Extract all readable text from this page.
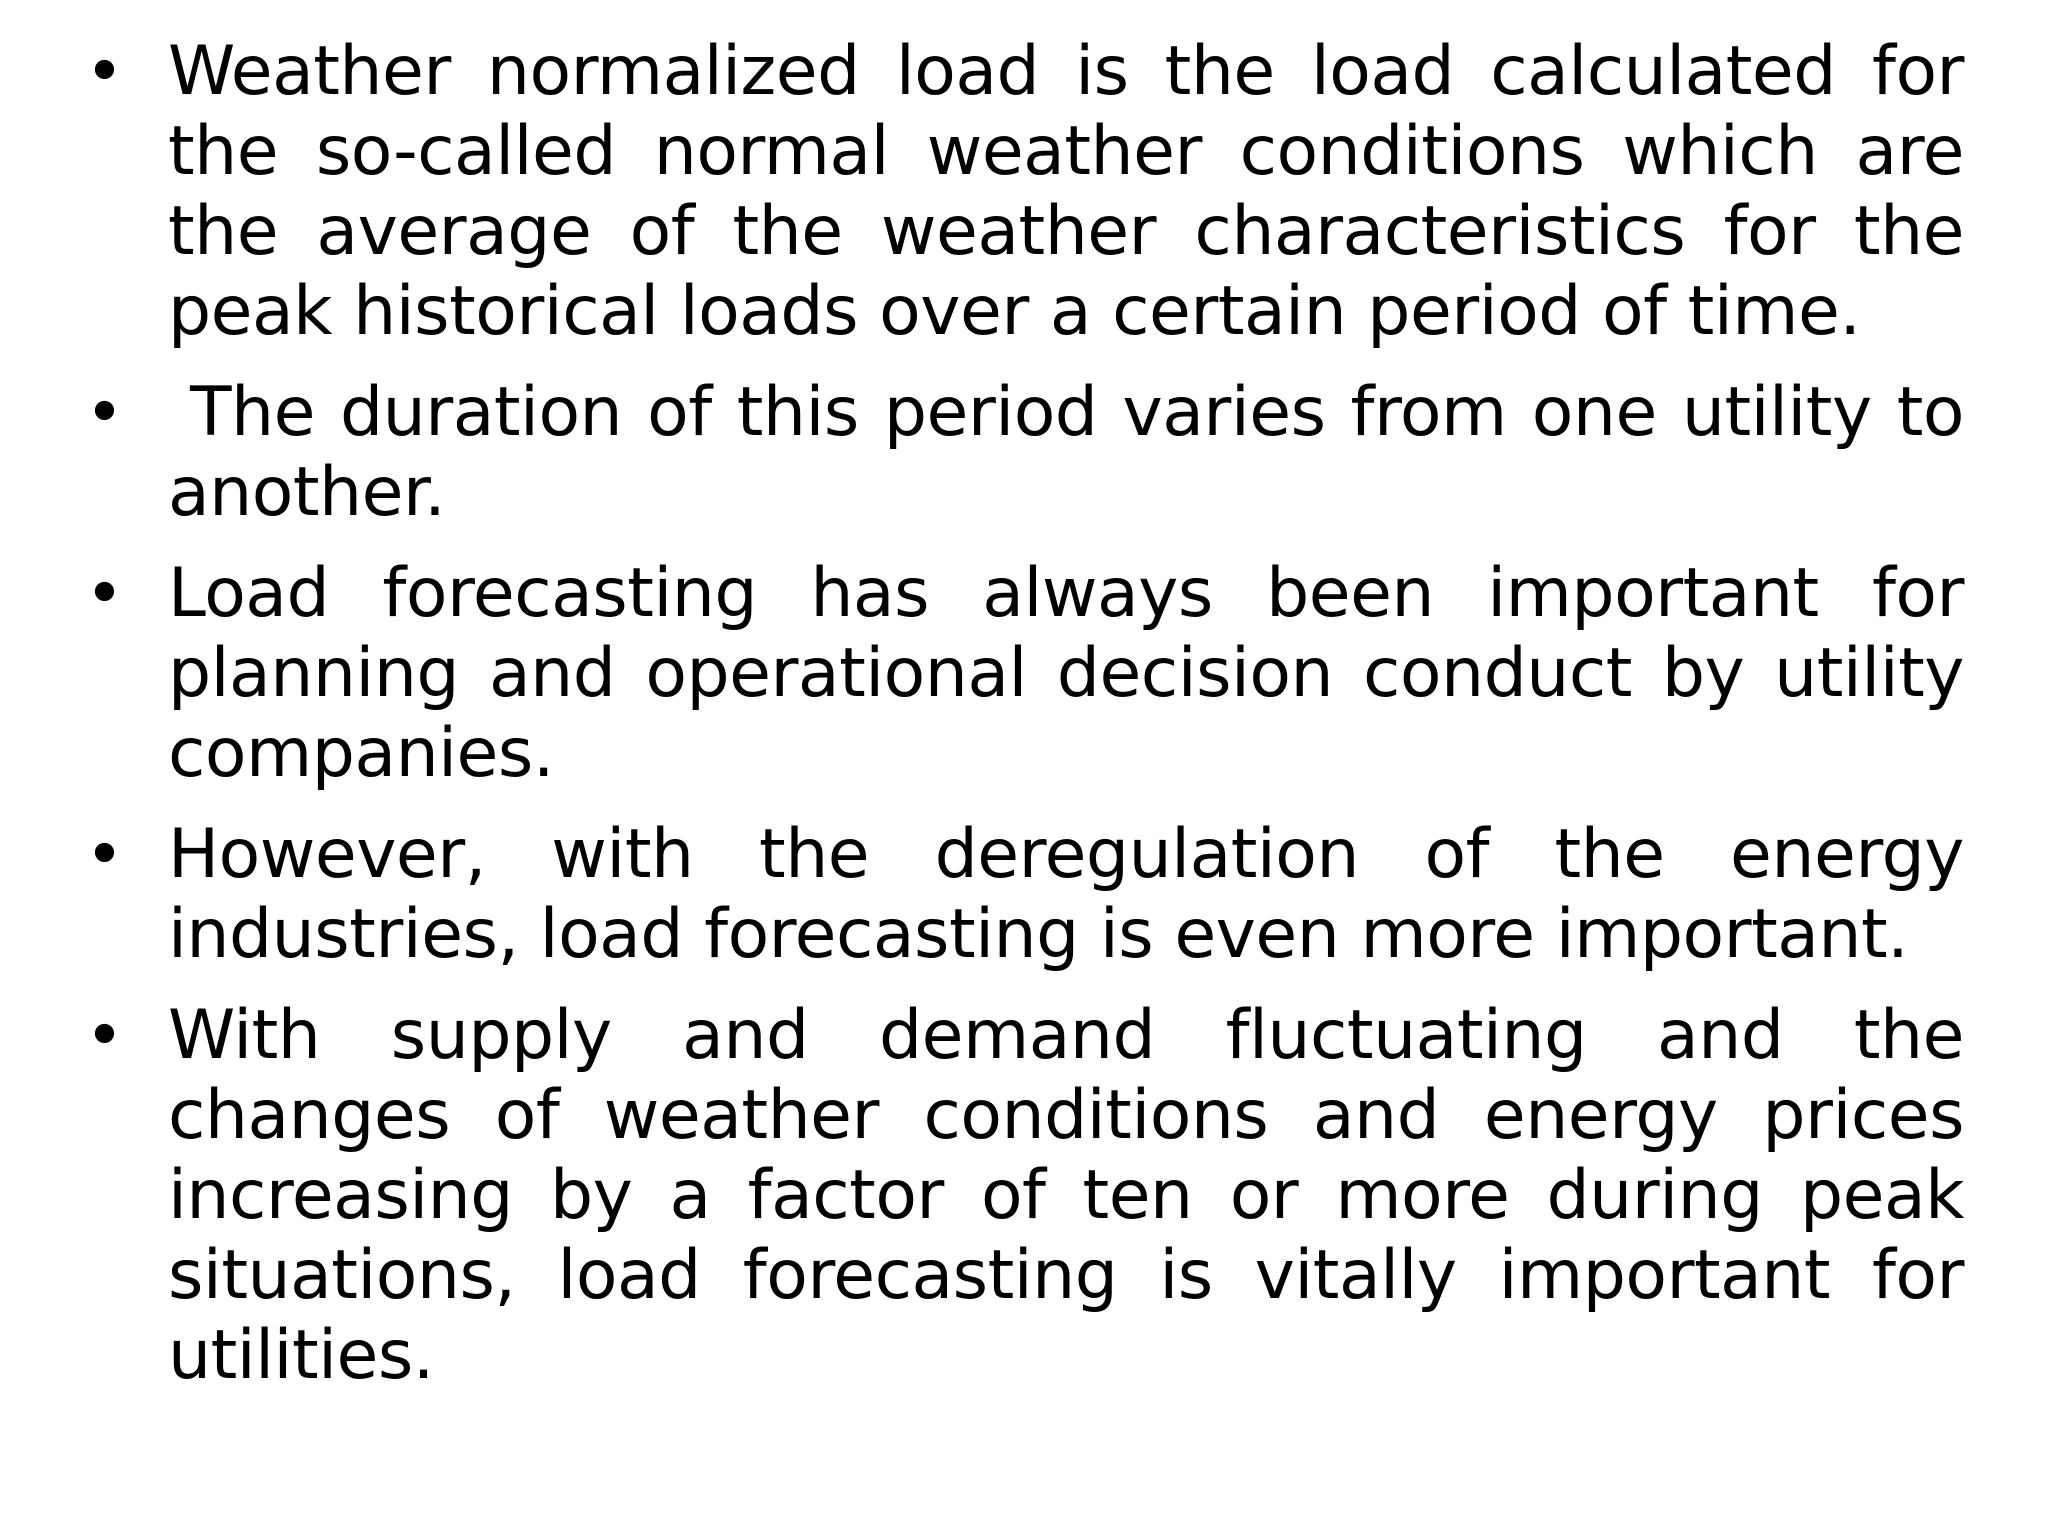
• Weather normalized load is the load calculated for the so-called normal weather conditions which are the average of the weather characteristics for the peak historical loads over a certain period of time.
• The duration of this period varies from one utility to another.
• Load forecasting has always been important for planning and operational decision conduct by utility companies.
• However, with the deregulation of the energy industries, load forecasting is even more important.
• With supply and demand fluctuating and the changes of weather conditions and energy prices increasing by a factor of ten or more during peak situations, load forecasting is vitally important for utilities.
